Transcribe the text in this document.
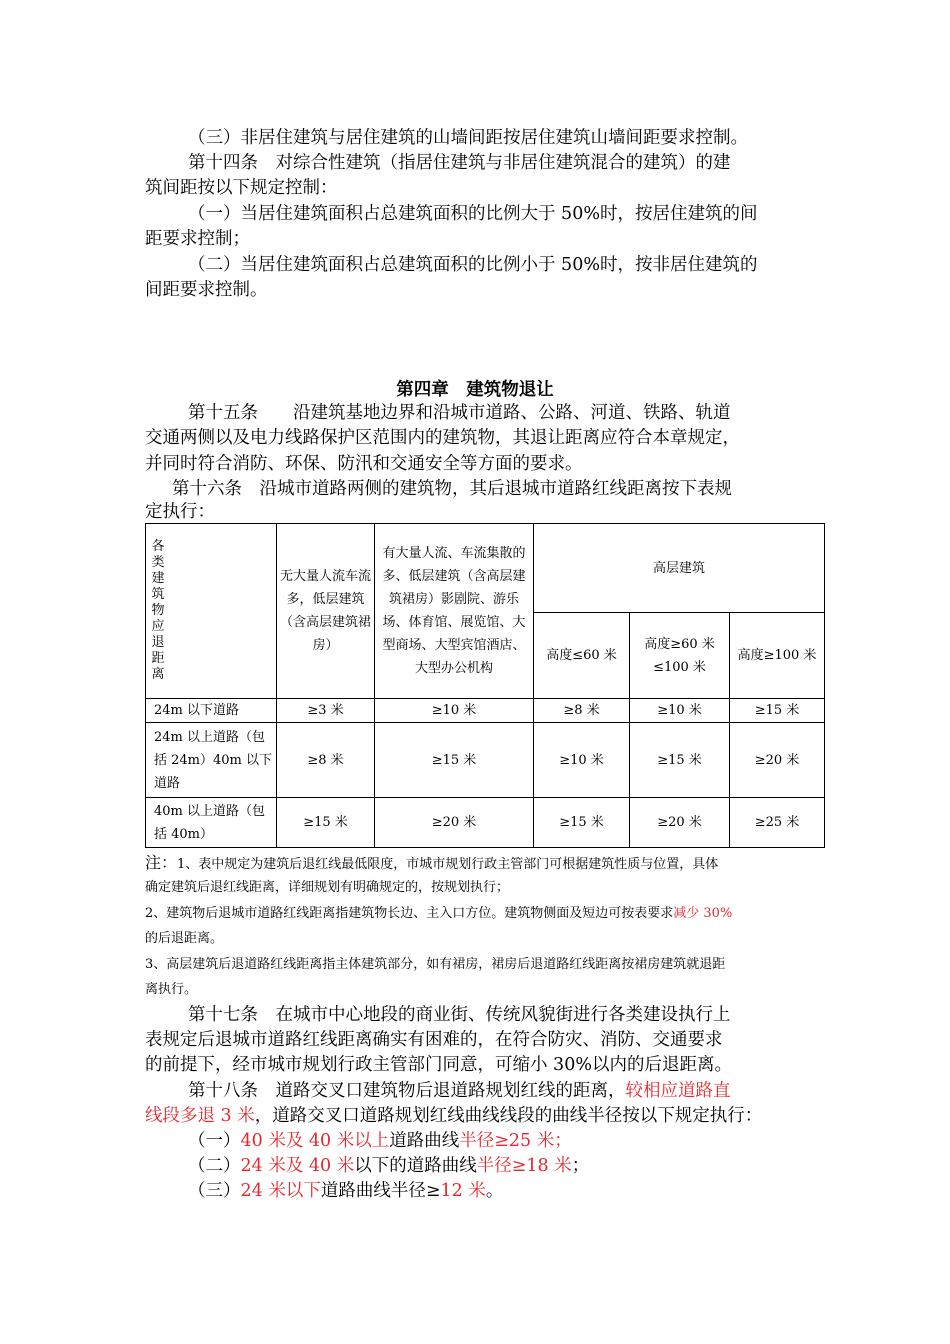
（三）非居住建筑与居住建筑的山墙间距按居住建筑山墙间距要求控制。
第十四条　对综合性建筑（指居住建筑与非居住建筑混合的建筑）的建
筑间距按以下规定控制：
（一）当居住建筑面积占总建筑面积的比例大于 50%时，按居住建筑的间
距要求控制；
（二）当居住建筑面积占总建筑面积的比例小于 50%时，按非居住建筑的
间距要求控制。
第四章　建筑物退让
第十五条　　沿建筑基地边界和沿城市道路、公路、河道、铁路、轨道
交通两侧以及电力线路保护区范围内的建筑物，其退让距离应符合本章规定，
并同时符合消防、环保、防汛和交通安全等方面的要求。
第十六条　沿城市道路两侧的建筑物，其后退城市道路红线距离按下表规
定执行：
各类建筑物应退距离	无大量人流车流多，低层建筑（含高层建筑裙房）	有大量人流、车流集散的多、低层建筑（含高层建筑裙房）影剧院、游乐场、体育馆、展览馆、大型商场、大型宾馆酒店、大型办公机构	高层建筑		
			高度≤60 米	高度≥60 米 ≤100 米	高度≥100 米
24m 以下道路	≥3 米	≥10 米	≥8 米	≥10 米	≥15 米
24m 以上道路（包括 24m）40m 以下道路	≥8 米	≥15 米	≥10 米	≥15 米	≥20 米
40m 以上道路（包括 40m）	≥15 米	≥20 米	≥15 米	≥20 米	≥25 米
注：1、表中规定为建筑后退红线最低限度，市城市规划行政主管部门可根据建筑性质与位置，具体
确定建筑后退红线距离，详细规划有明确规定的，按规划执行；
2、建筑物后退城市道路红线距离指建筑物长边、主入口方位。建筑物侧面及短边可按表要求减少 30%
的后退距离。
3、高层建筑后退道路红线距离指主体建筑部分，如有裙房，裙房后退道路红线距离按裙房建筑就退距
离执行。
第十七条　在城市中心地段的商业街、传统风貌街进行各类建设执行上
表规定后退城市道路红线距离确实有困难的，在符合防灾、消防、交通要求
的前提下，经市城市规划行政主管部门同意，可缩小 30%以内的后退距离。
第十八条　道路交叉口建筑物后退道路规划红线的距离，较相应道路直
线段多退 3 米，道路交叉口道路规划红线曲线线段的曲线半径按以下规定执行：
（一）40 米及 40 米以上道路曲线半径≥25 米；
（二）24 米及 40 米以下的道路曲线半径≥18 米；
（三）24 米以下道路曲线半径≥12 米。
